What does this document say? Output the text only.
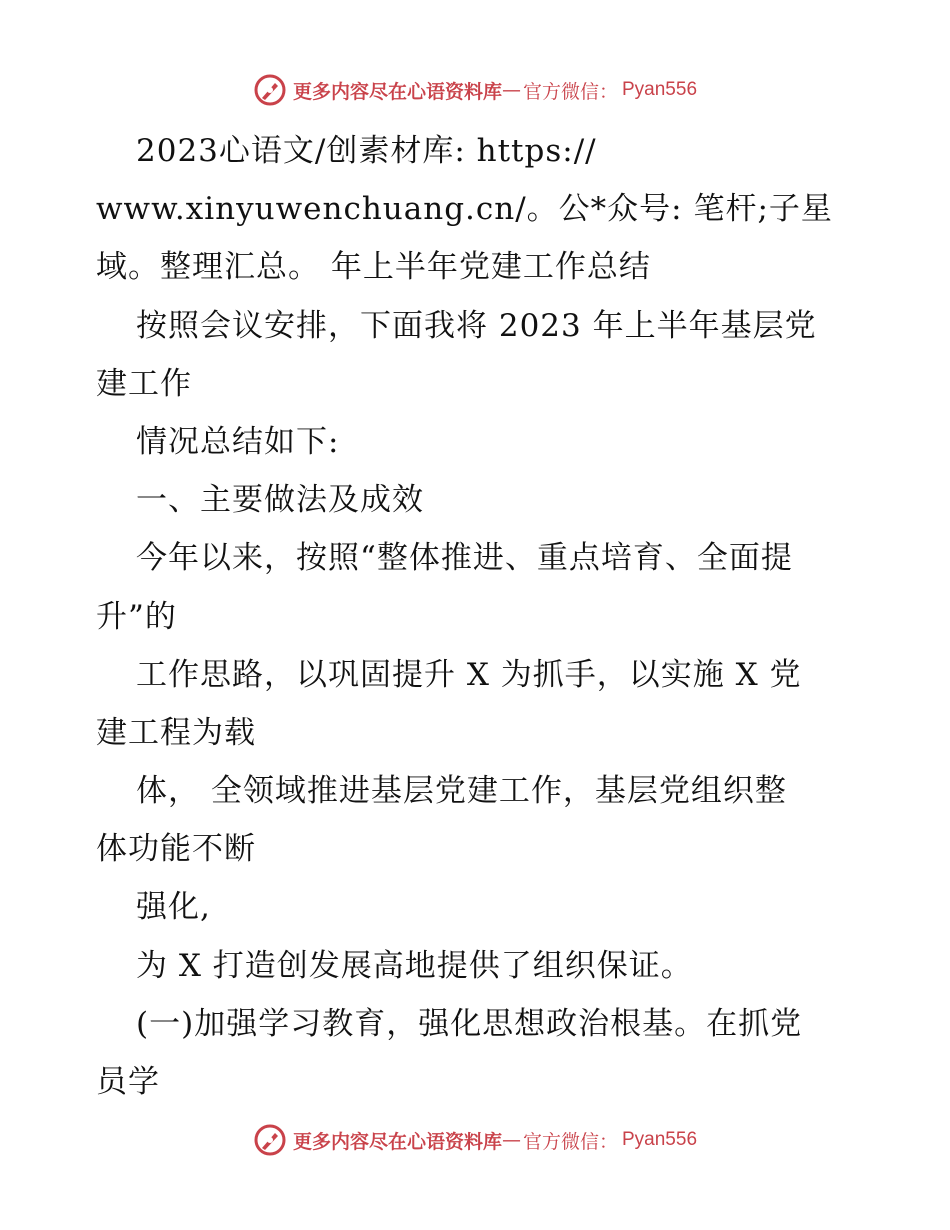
更多内容尽在心语资料库 — 官方微信： Pyan556
2023心语文/创素材库: https://
www.xinyuwenchuang.cn/。公*众号: 笔杆;子星
域。整理汇总。 年上半年党建工作总结
按照会议安排，下面我将 2023 年上半年基层党
建工作
情况总结如下:
一、主要做法及成效
今年以来，按照“整体推进、重点培育、全面提
升”的
工作思路，以巩固提升 X 为抓手，以实施 X 党
建工程为载
体， 全领域推进基层党建工作，基层党组织整
体功能不断
强化,
为 X 打造创发展高地提供了组织保证。
(一)加强学习教育，强化思想政治根基。在抓党
员学
更多内容尽在心语资料库 — 官方微信： Pyan556
